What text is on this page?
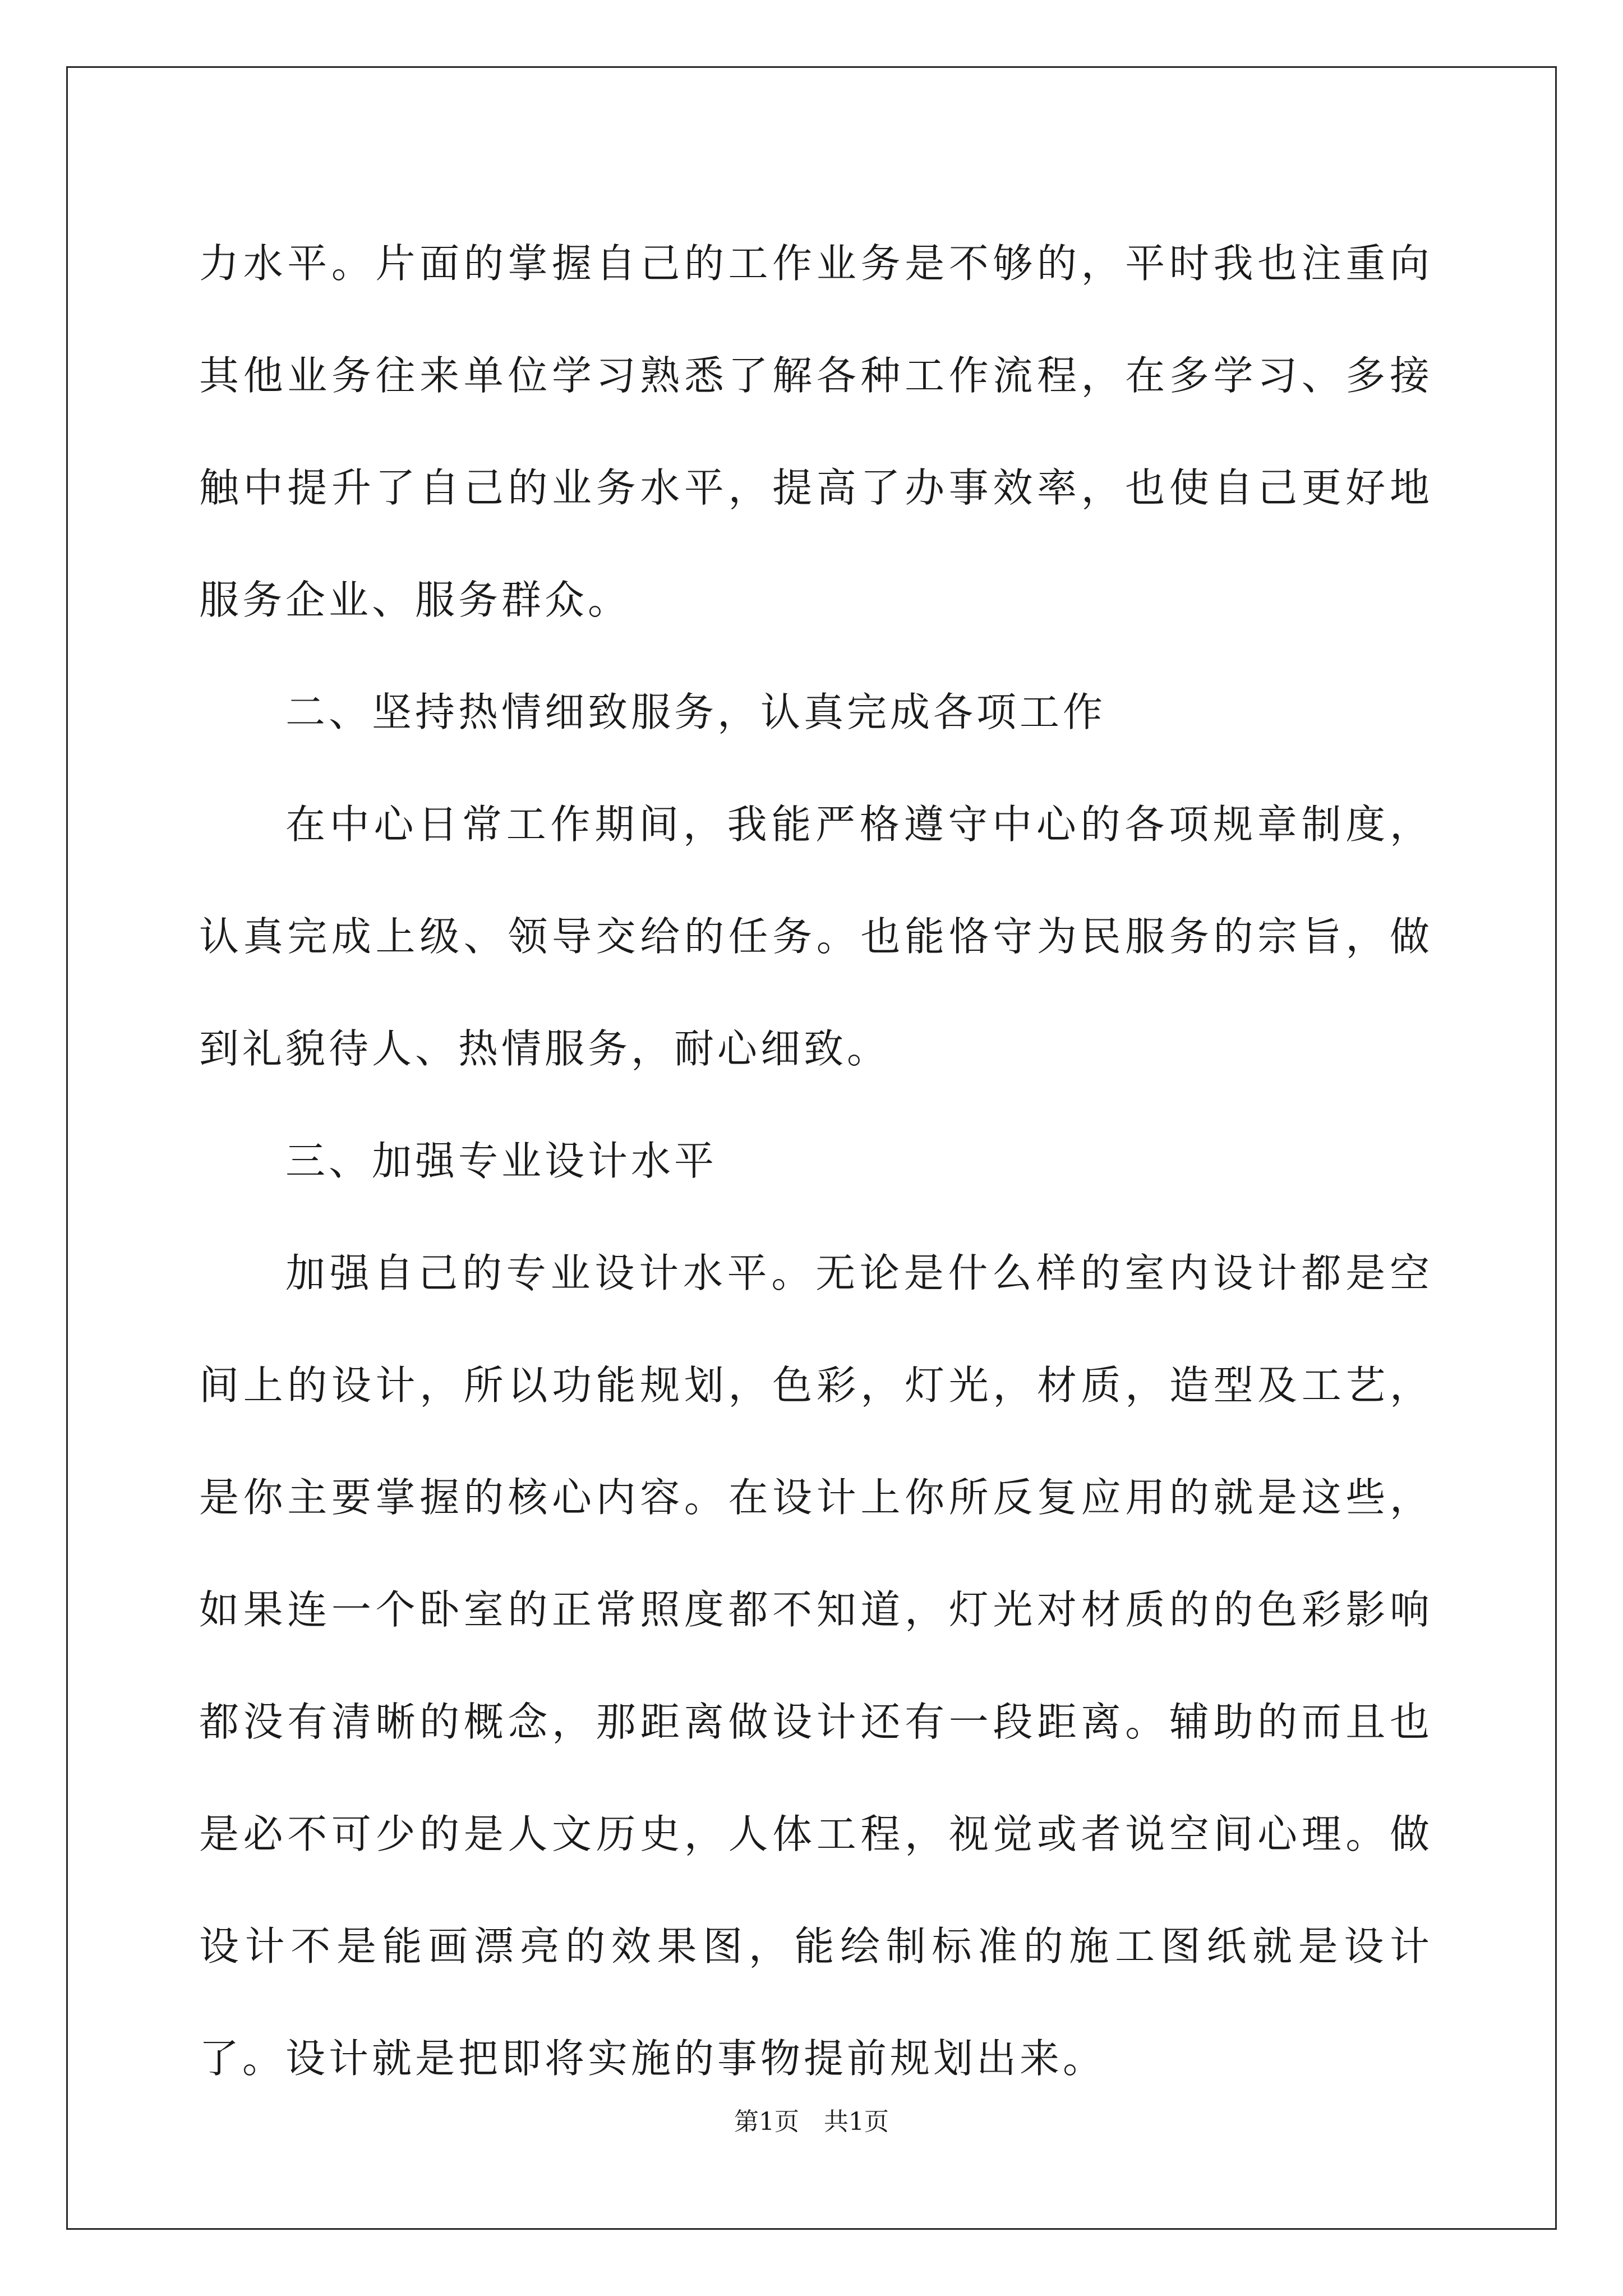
力水平。片面的掌握自己的工作业务是不够的，平时我也注重向其他业务往来单位学习熟悉了解各种工作流程，在多学习、多接触中提升了自己的业务水平，提高了办事效率，也使自己更好地服务企业、服务群众。

二、坚持热情细致服务，认真完成各项工作

在中心日常工作期间，我能严格遵守中心的各项规章制度，认真完成上级、领导交给的任务。也能恪守为民服务的宗旨，做到礼貌待人、热情服务，耐心细致。

三、加强专业设计水平

加强自己的专业设计水平。无论是什么样的室内设计都是空间上的设计，所以功能规划，色彩，灯光，材质，造型及工艺，是你主要掌握的核心内容。在设计上你所反复应用的就是这些，如果连一个卧室的正常照度都不知道，灯光对材质的的色彩影响都没有清晰的概念，那距离做设计还有一段距离。辅助的而且也是必不可少的是人文历史，人体工程，视觉或者说空间心理。做设计不是能画漂亮的效果图，能绘制标准的施工图纸就是设计了。设计就是把即将实施的事物提前规划出来。

第1页　共1页
